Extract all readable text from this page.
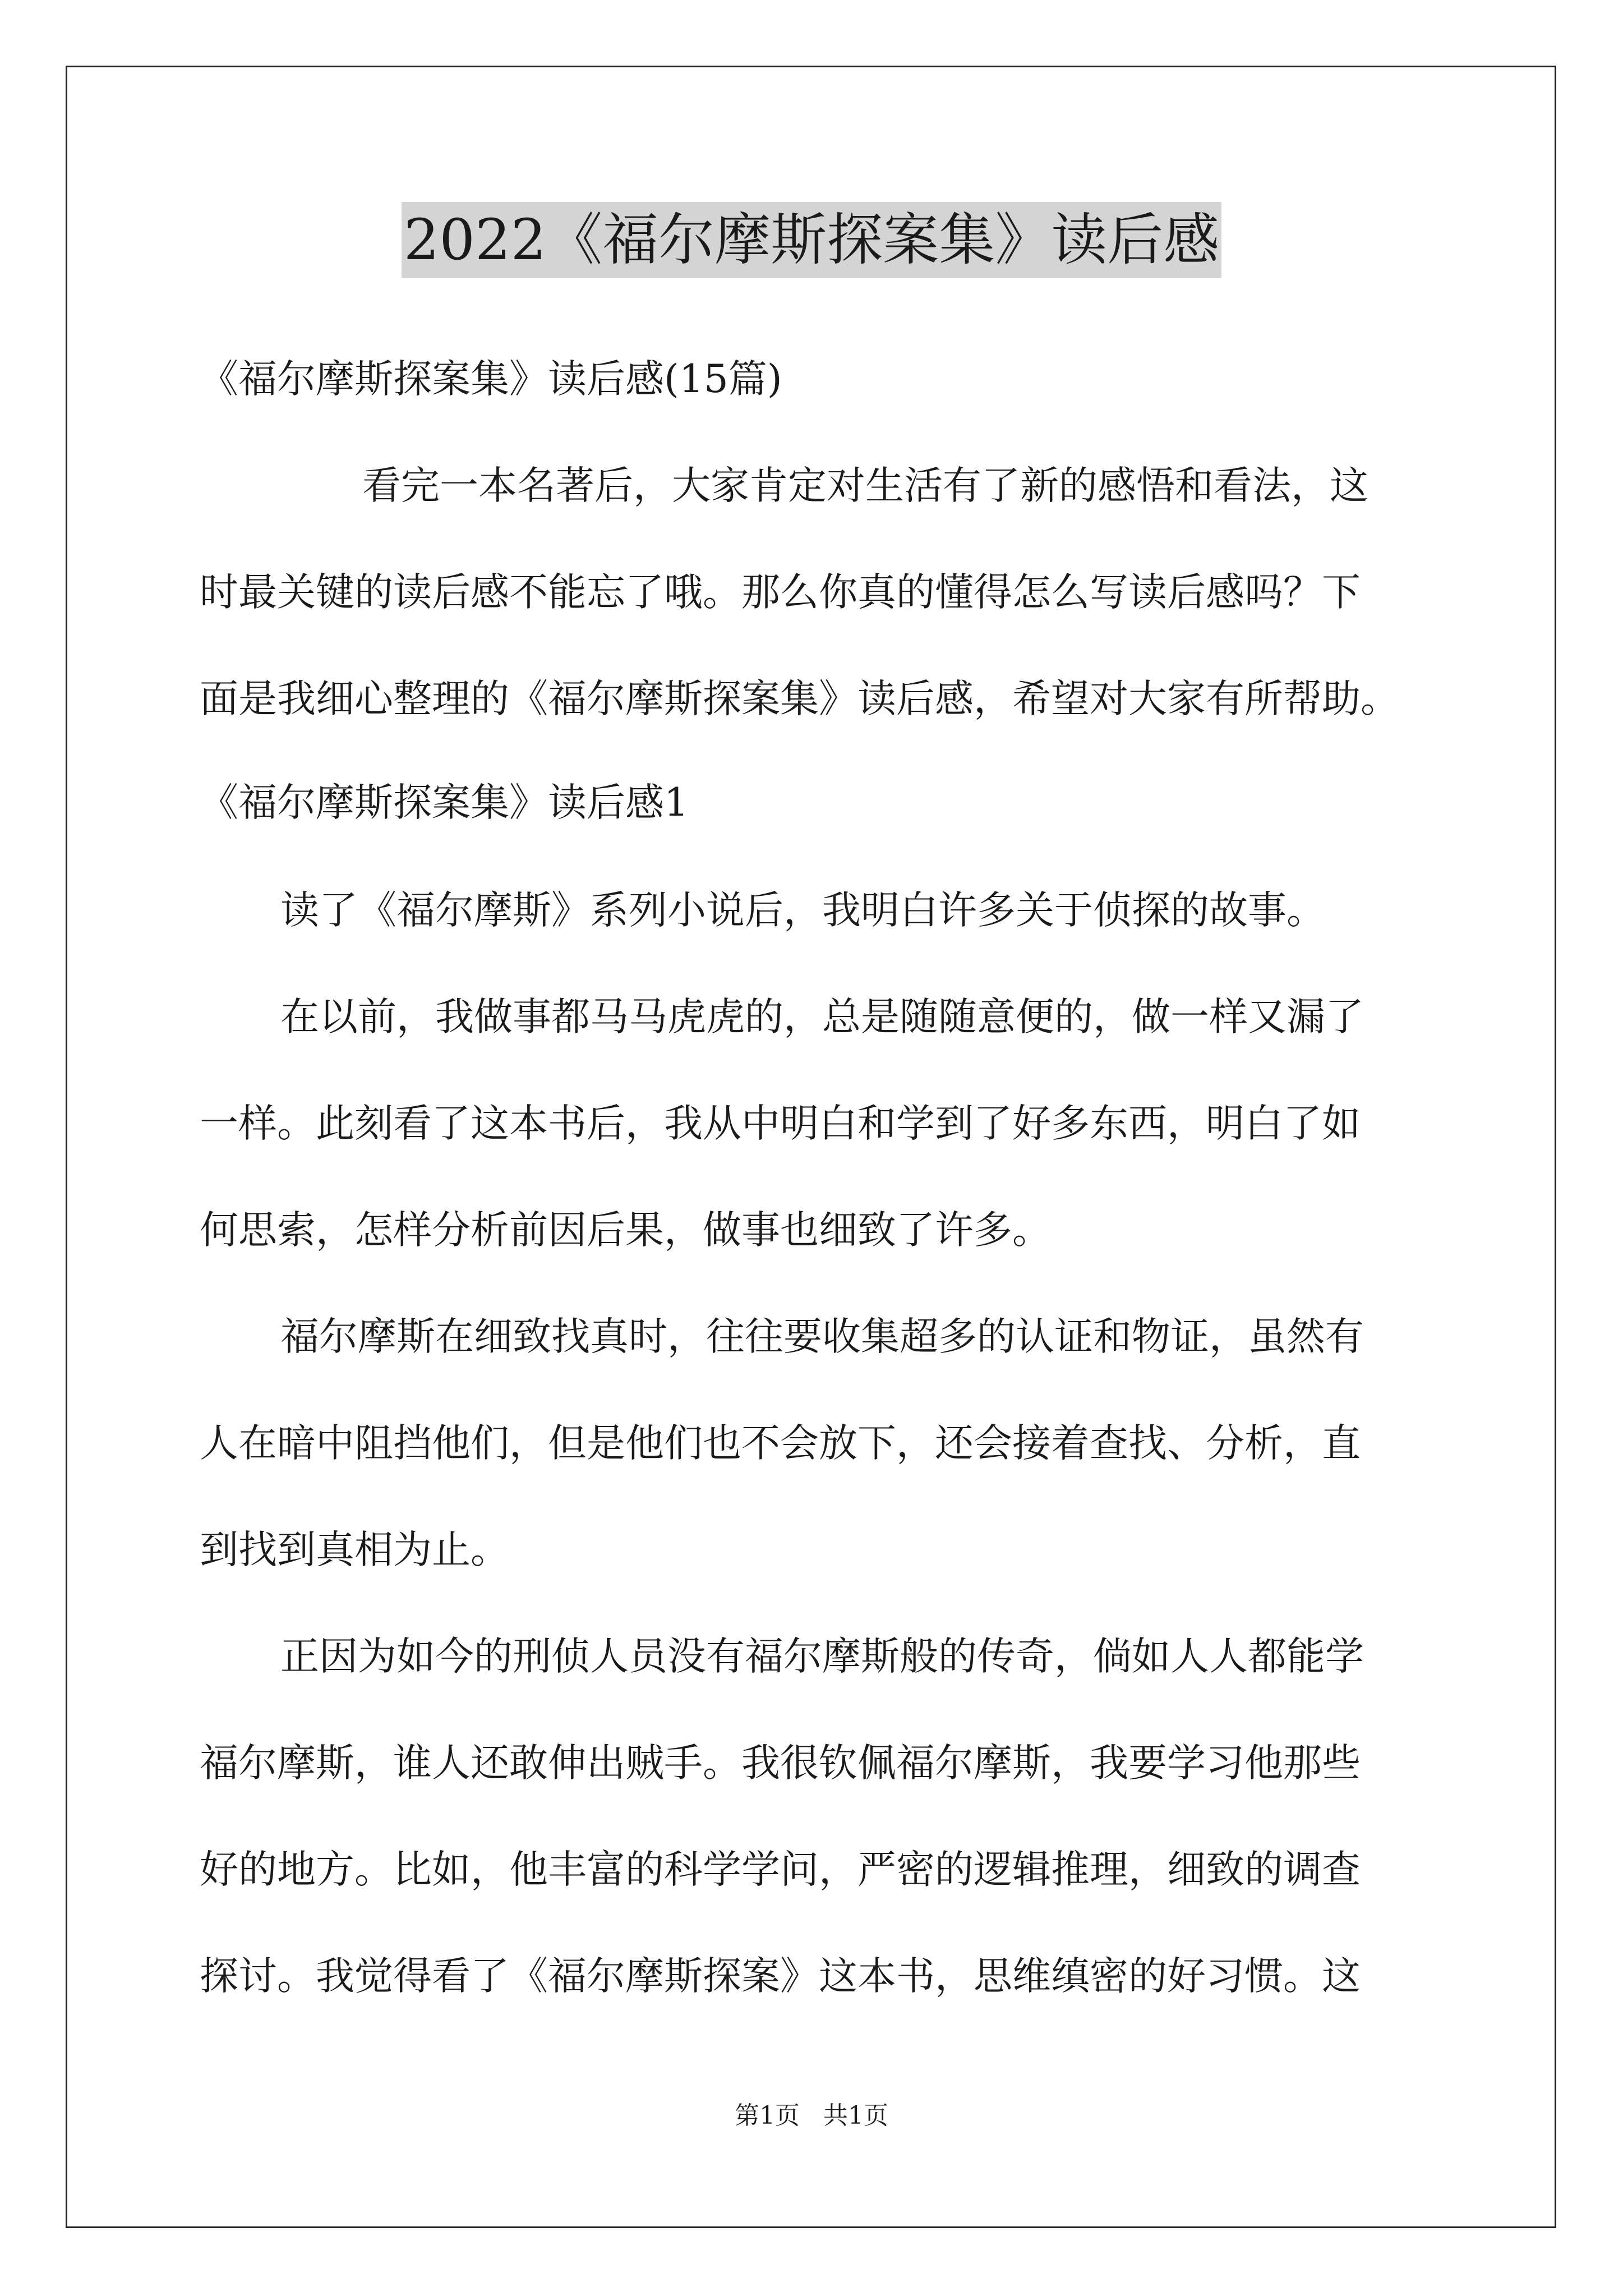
2022《福尔摩斯探案集》读后感
《福尔摩斯探案集》读后感(15篇)
看完一本名著后，大家肯定对生活有了新的感悟和看法，这
时最关键的读后感不能忘了哦。那么你真的懂得怎么写读后感吗？下
面是我细心整理的《福尔摩斯探案集》读后感，希望对大家有所帮助。
《福尔摩斯探案集》读后感1
读了《福尔摩斯》系列小说后，我明白许多关于侦探的故事。
在以前，我做事都马马虎虎的，总是随随意便的，做一样又漏了
一样。此刻看了这本书后，我从中明白和学到了好多东西，明白了如
何思索，怎样分析前因后果，做事也细致了许多。
福尔摩斯在细致找真时，往往要收集超多的认证和物证，虽然有
人在暗中阻挡他们，但是他们也不会放下，还会接着查找、分析，直
到找到真相为止。
正因为如今的刑侦人员没有福尔摩斯般的传奇，倘如人人都能学
福尔摩斯，谁人还敢伸出贼手。我很钦佩福尔摩斯，我要学习他那些
好的地方。比如，他丰富的科学学问，严密的逻辑推理，细致的调查
探讨。我觉得看了《福尔摩斯探案》这本书，思维缜密的好习惯。这
第1页   共1页
